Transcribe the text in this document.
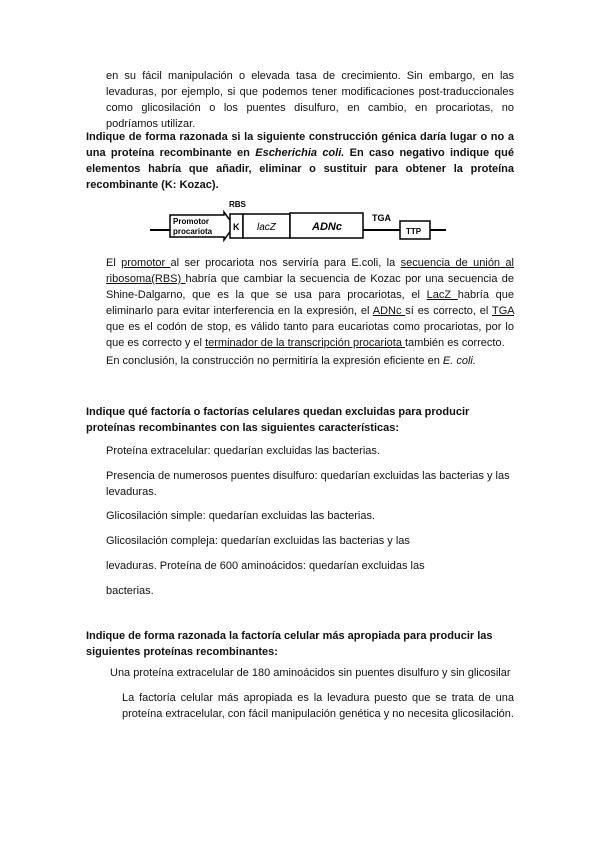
en su fácil manipulación o elevada tasa de crecimiento. Sin embargo, en las levaduras, por ejemplo, si que podemos tener modificaciones post-traduccionales como glicosilación o los puentes disulfuro, en cambio, en procariotas, no podríamos utilizar.
Indique de forma razonada si la siguiente construcción génica daría lugar o no a una proteína recombinante en Escherichia coli. En caso negativo indique qué elementos habría que añadir, eliminar o sustituir para obtener la proteína recombinante (K: Kozac).
Promotor
procariota
RBS
K lacZ	ADNc
TGA
TTP
El promotor al ser procariota nos serviría para E.coli, la secuencia de unión al ribosoma(RBS) habría que cambiar la secuencia de Kozac por una secuencia de Shine-Dalgarno, que es la que se usa para procariotas, el LacZ habría que eliminarlo para evitar interferencia en la expresión, el ADNc sí es correcto, el TGA que es el codón de stop, es válido tanto para eucariotas como procariotas, por lo que es correcto y el terminador de la transcripción procariota también es correcto.
En conclusión, la construcción no permitiría la expresión eficiente en E. coli.
Indique qué factoría o factorías celulares quedan excluidas para producir proteínas recombinantes con las siguientes características:
Proteína extracelular: quedarían excluidas las bacterias.
Presencia de numerosos puentes disulfuro: quedarían excluidas las bacterias y las levaduras.
Glicosilación simple: quedarían excluidas las bacterias.
Glicosilación compleja: quedarían excluidas las bacterias y las
levaduras. Proteína de 600 aminoácidos: quedarían excluidas las
bacterias.
Indique de forma razonada la factoría celular más apropiada para producir las siguientes proteínas recombinantes:
Una proteína extracelular de 180 aminoácidos sin puentes disulfuro y sin glicosilar
La factoría celular más apropiada es la levadura puesto que se trata de una proteína extracelular, con fácil manipulación genética y no necesita glicosilación.
